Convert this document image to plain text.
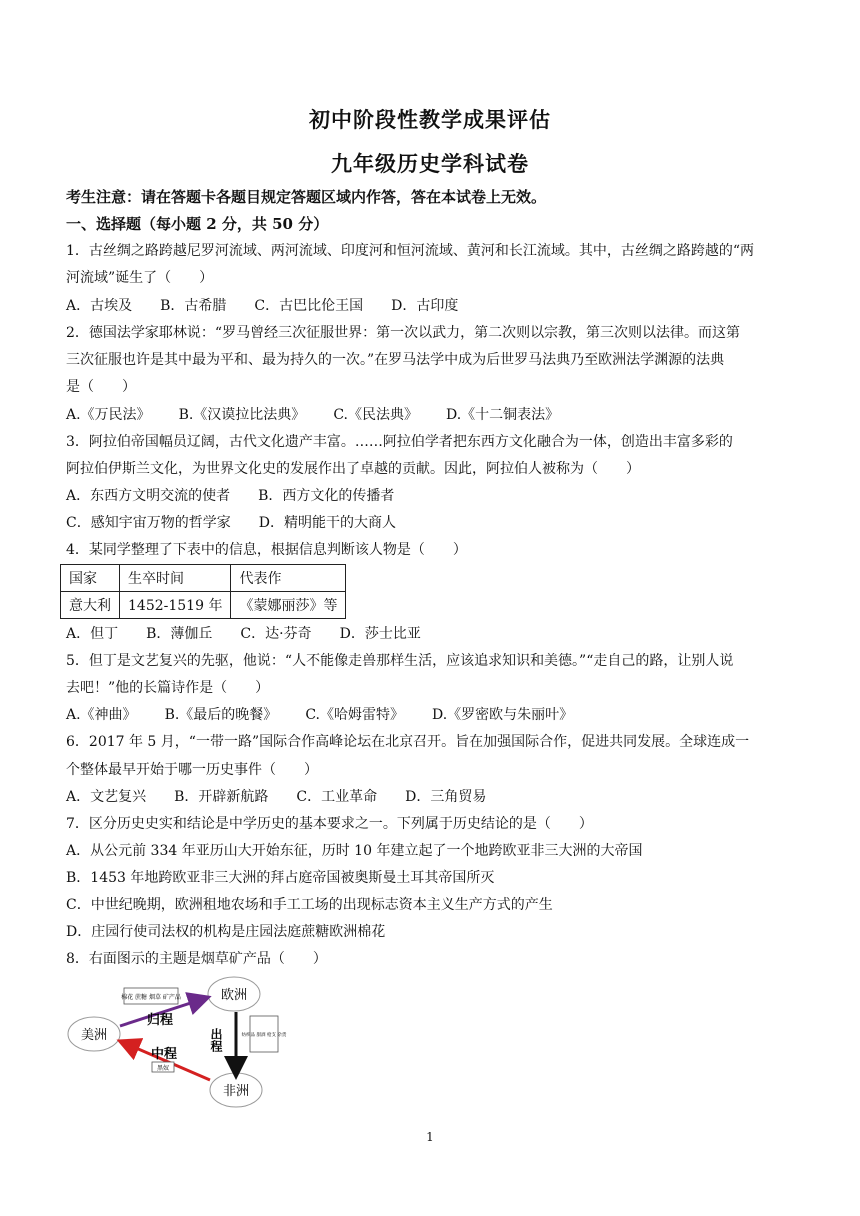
初中阶段性教学成果评估
九年级历史学科试卷
考生注意：请在答题卡各题目规定答题区域内作答，答在本试卷上无效。
一、选择题（每小题 2 分，共 50 分）
1．古丝绸之路跨越尼罗河流域、两河流域、印度河和恒河流域、黄河和长江流域。其中，古丝绸之路跨越的“两
河流域”诞生了（　　）
A．古埃及 B．古希腊 C．古巴比伦王国 D．古印度
2．德国法学家耶林说：“罗马曾经三次征服世界：第一次以武力，第二次则以宗教，第三次则以法律。而这第
三次征服也许是其中最为平和、最为持久的一次。”在罗马法学中成为后世罗马法典乃至欧洲法学渊源的法典
是（　　）
A.《万民法》 B.《汉谟拉比法典》 C.《民法典》 D.《十二铜表法》
3．阿拉伯帝国幅员辽阔，古代文化遗产丰富。……阿拉伯学者把东西方文化融合为一体，创造出丰富多彩的
阿拉伯伊斯兰文化，为世界文化史的发展作出了卓越的贡献。因此，阿拉伯人被称为（　　）
A．东西方文明交流的使者 B．西方文化的传播者
C．感知宇宙万物的哲学家 D．精明能干的大商人
4．某同学整理了下表中的信息，根据信息判断该人物是（　　）
国家	生卒时间	代表作
意大利	1452-1519 年	《蒙娜丽莎》等
A．但丁 B．薄伽丘 C．达·芬奇 D．莎士比亚
5．但丁是文艺复兴的先驱，他说：“人不能像走兽那样生活，应该追求知识和美德。”“走自己的路，让别人说
去吧！”他的长篇诗作是（　　）
A.《神曲》 B.《最后的晚餐》 C.《哈姆雷特》 D.《罗密欧与朱丽叶》
6．2017 年 5 月，“一带一路”国际合作高峰论坛在北京召开。旨在加强国际合作，促进共同发展。全球连成一
个整体最早开始于哪一历史事件（　　）
A．文艺复兴 B．开辟新航路 C．工业革命 D．三角贸易
7．区分历史史实和结论是中学历史的基本要求之一。下列属于历史结论的是（　　）
A．从公元前 334 年亚历山大开始东征，历时 10 年建立起了一个地跨欧亚非三大洲的大帝国
B．1453 年地跨欧亚非三大洲的拜占庭帝国被奥斯曼土耳其帝国所灭
C．中世纪晚期，欧洲租地农场和手工工场的出现标志资本主义生产方式的产生
D．庄园行使司法权的机构是庄园法庭蔗糖欧洲棉花
8．右面图示的主题是烟草矿产品（　　）
美洲
欧洲
非洲
棉花 蔗糖 烟草 矿产品
纺织品 甜酒 枪支 杂货
黑奴
归程
出程
中程
1
